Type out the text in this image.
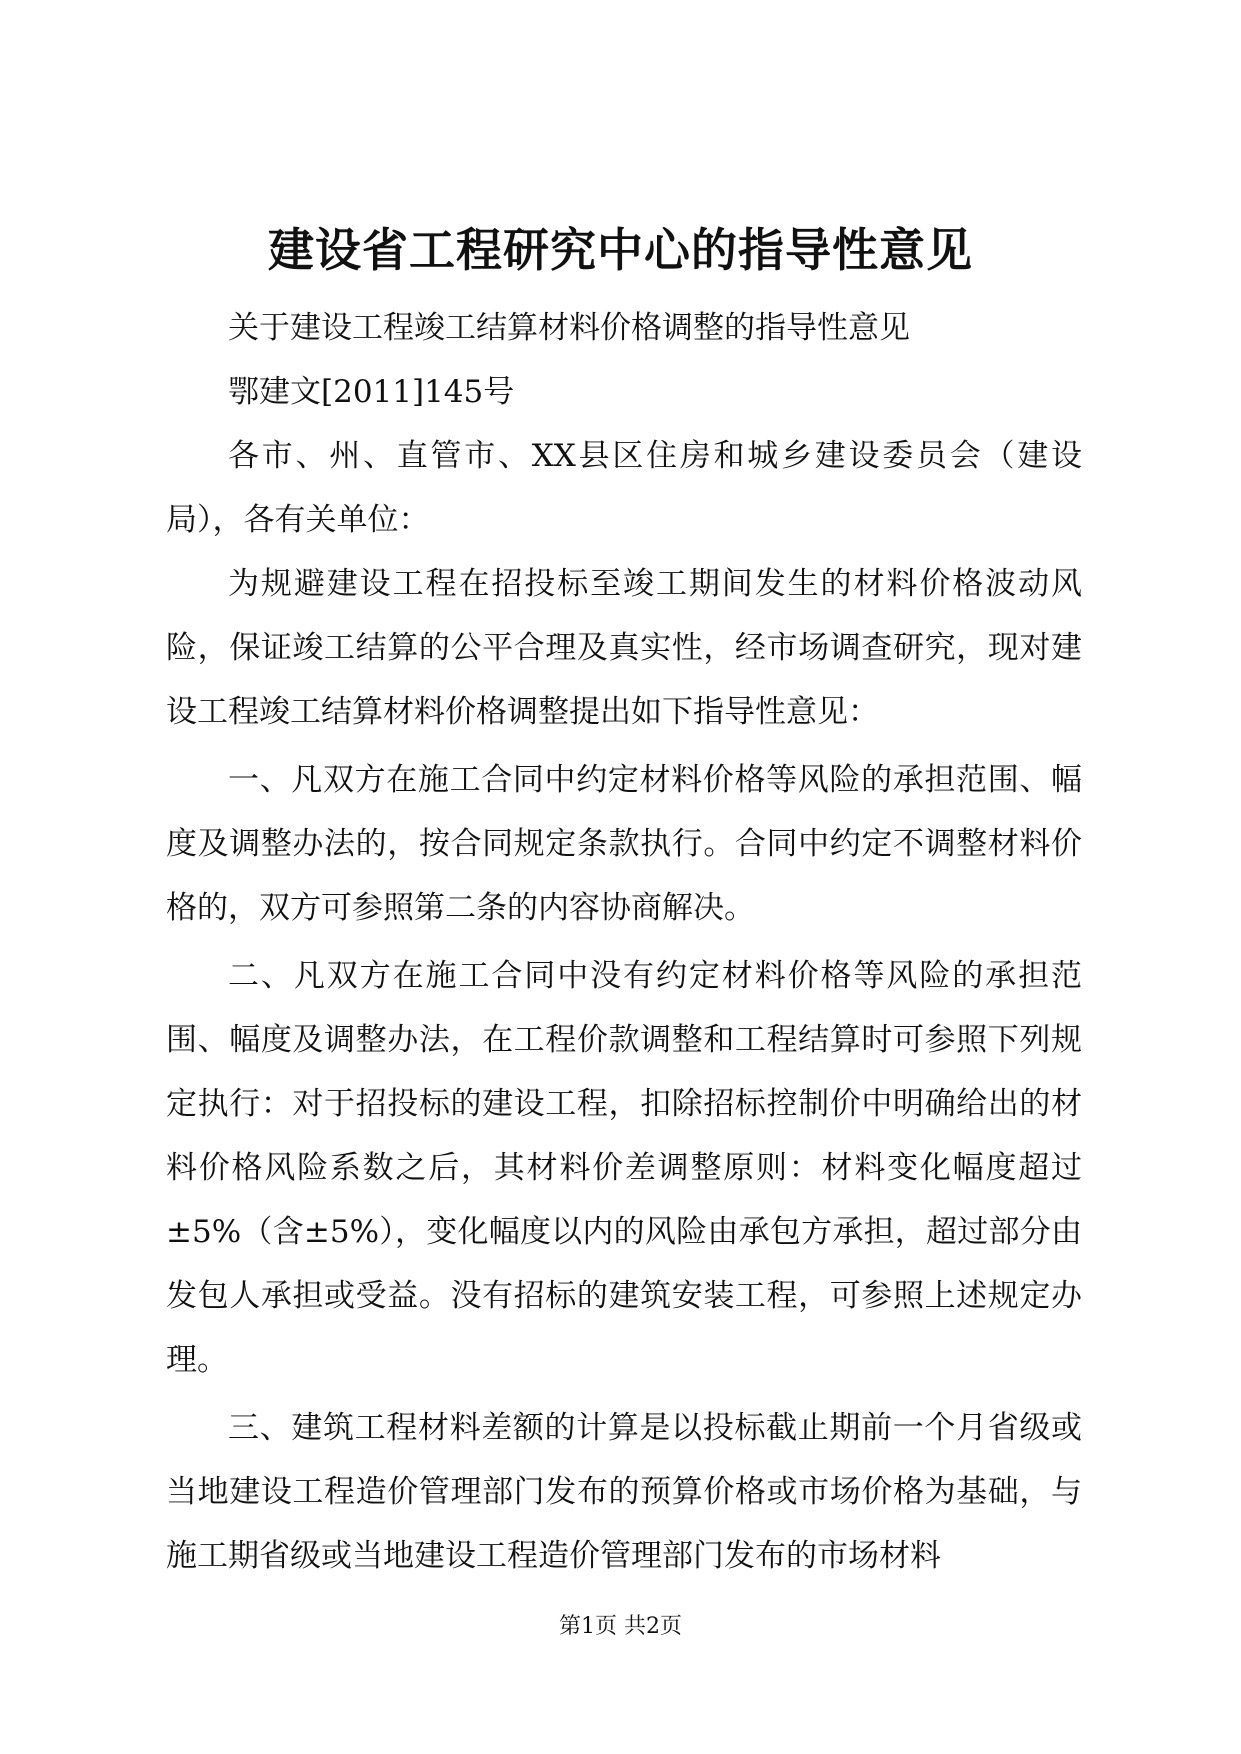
建设省工程研究中心的指导性意见

关于建设工程竣工结算材料价格调整的指导性意见

鄂建文[2011]145号

各市、州、直管市、XX县区住房和城乡建设委员会（建设局），各有关单位：

为规避建设工程在招投标至竣工期间发生的材料价格波动风险，保证竣工结算的公平合理及真实性，经市场调查研究，现对建设工程竣工结算材料价格调整提出如下指导性意见：

一、凡双方在施工合同中约定材料价格等风险的承担范围、幅度及调整办法的，按合同规定条款执行。合同中约定不调整材料价格的，双方可参照第二条的内容协商解决。

二、凡双方在施工合同中没有约定材料价格等风险的承担范围、幅度及调整办法，在工程价款调整和工程结算时可参照下列规定执行：对于招投标的建设工程，扣除招标控制价中明确给出的材料价格风险系数之后，其材料价差调整原则：材料变化幅度超过±5%（含±5%），变化幅度以内的风险由承包方承担，超过部分由发包人承担或受益。没有招标的建筑安装工程，可参照上述规定办理。

三、建筑工程材料差额的计算是以投标截止期前一个月省级或当地建设工程造价管理部门发布的预算价格或市场价格为基础，与施工期省级或当地建设工程造价管理部门发布的市场材料

第1页 共2页
